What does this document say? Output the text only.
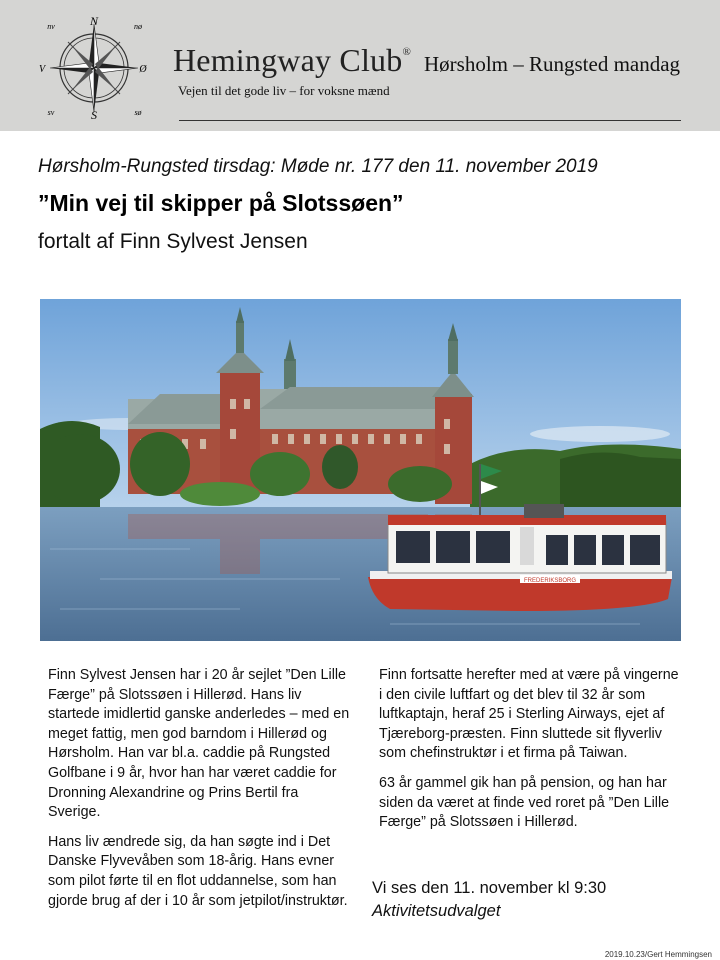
N
S
V	Ø
nv	nø
sv	sø
Hemingway Club® Hørsholm – Rungsted mandag
Vejen til det gode liv – for voksne mænd
Hørsholm-Rungsted tirsdag: Møde nr. 177 den 11. november 2019
”Min vej til skipper på Slotssøen”
fortalt af Finn Sylvest Jensen
FREDERIKSBORG

Finn Sylvest Jensen har i 20 år sejlet ”Den Lille Færge” på Slotssøen i Hillerød. Hans liv startede imidlertid ganske anderledes – med en meget fattig, men god barndom i Hillerød og Hørsholm. Han var bl.a. caddie på Rungsted Golfbane i 9 år, hvor han har været caddie for Dronning Alexandrine og Prins Bertil fra Sverige.

Hans liv ændrede sig, da han søgte ind i Det Danske Flyvevåben som 18-årig. Hans evner som pilot førte til en flot uddannelse, som han gjorde brug af der i 10 år som jetpilot/instruktør.

Finn fortsatte herefter med at være på vingerne i den civile luftfart og det blev til 32 år som luftkaptajn, heraf 25 i Sterling Airways, ejet af Tjæreborg-præsten. Finn sluttede sit flyverliv som chefinstruktør i et firma på Taiwan.

63 år gammel gik han på pension, og han har siden da været at finde ved roret på ”Den Lille Færge” på Slotssøen i Hillerød.

Vi ses den 11. november kl 9:30
Aktivitetsudvalget
2019.10.23/Gert Hemmingsen
